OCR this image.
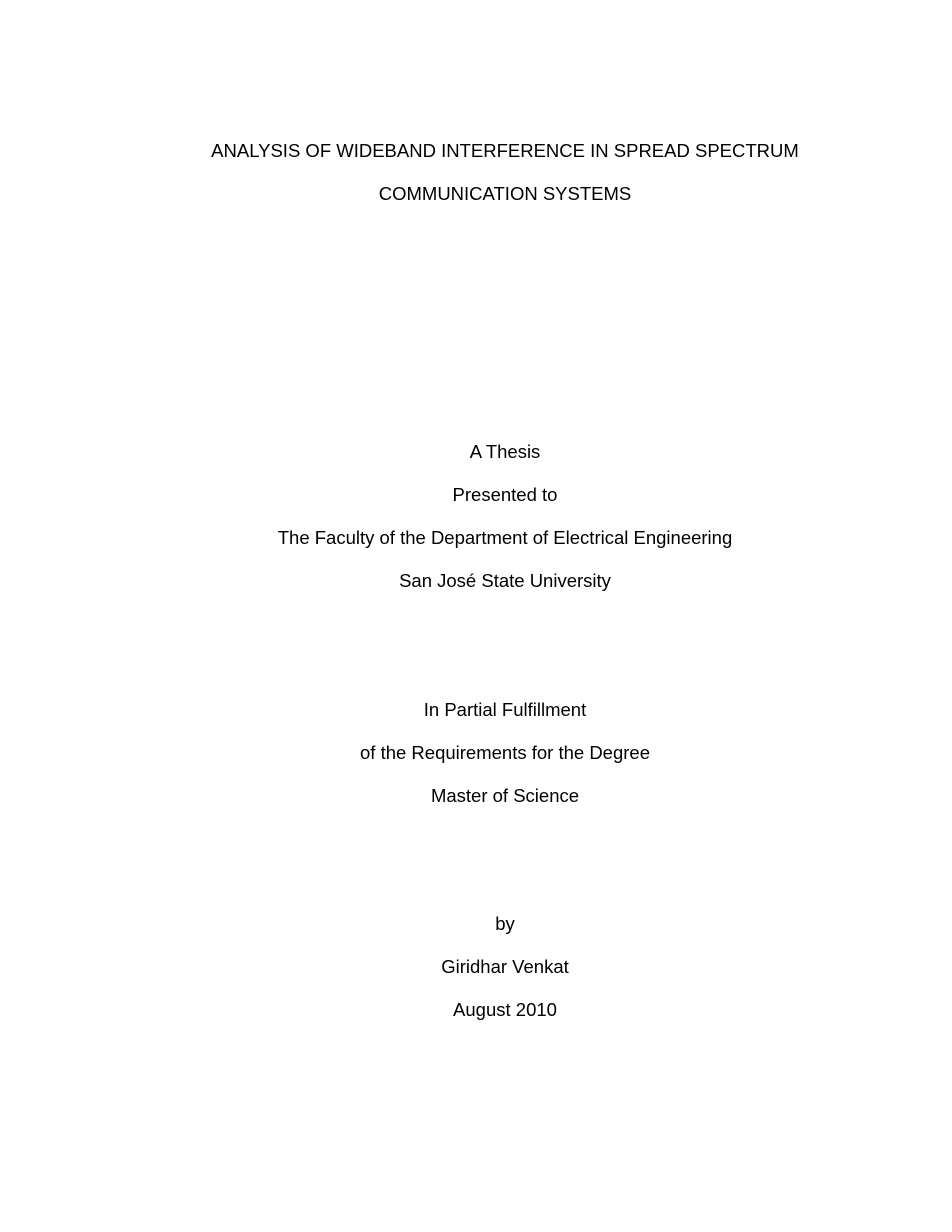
ANALYSIS OF WIDEBAND INTERFERENCE IN SPREAD SPECTRUM
COMMUNICATION SYSTEMS
A Thesis
Presented to
The Faculty of the Department of Electrical Engineering
San José State University
In Partial Fulfillment
of the Requirements for the Degree
Master of Science
by
Giridhar Venkat
August 2010
